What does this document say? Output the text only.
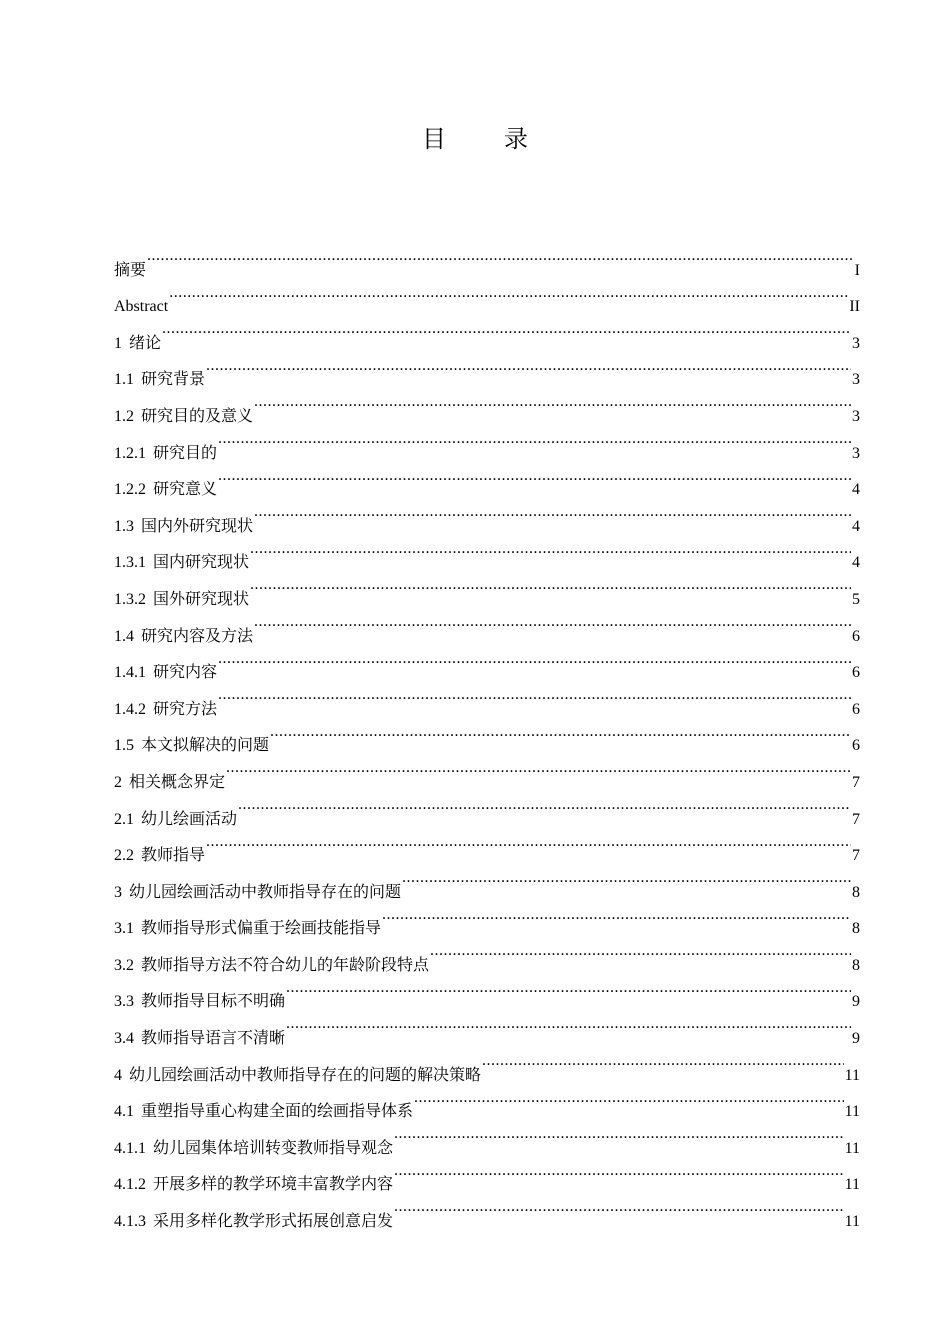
目 录
摘要 .....	I
Abstract .....	II
1 绪论 .....	3
1.1 研究背景 .....	3
1.2 研究目的及意义 .....	3
1.2.1 研究目的 .....	3
1.2.2 研究意义 .....	4
1.3 国内外研究现状 .....	4
1.3.1 国内研究现状 .....	4
1.3.2 国外研究现状 .....	5
1.4 研究内容及方法 .....	6
1.4.1 研究内容 .....	6
1.4.2 研究方法 .....	6
1.5 本文拟解决的问题 .....	6
2 相关概念界定 .....	7
2.1 幼儿绘画活动 .....	7
2.2 教师指导 .....	7
3 幼儿园绘画活动中教师指导存在的问题 .....	8
3.1 教师指导形式偏重于绘画技能指导 .....	8
3.2 教师指导方法不符合幼儿的年龄阶段特点 .....	8
3.3 教师指导目标不明确 .....	9
3.4 教师指导语言不清晰 .....	9
4 幼儿园绘画活动中教师指导存在的问题的解决策略 .....	11
4.1 重塑指导重心构建全面的绘画指导体系 .....	11
4.1.1 幼儿园集体培训转变教师指导观念 .....	11
4.1.2 开展多样的教学环境丰富教学内容 .....	11
4.1.3 采用多样化教学形式拓展创意启发 .....	11
